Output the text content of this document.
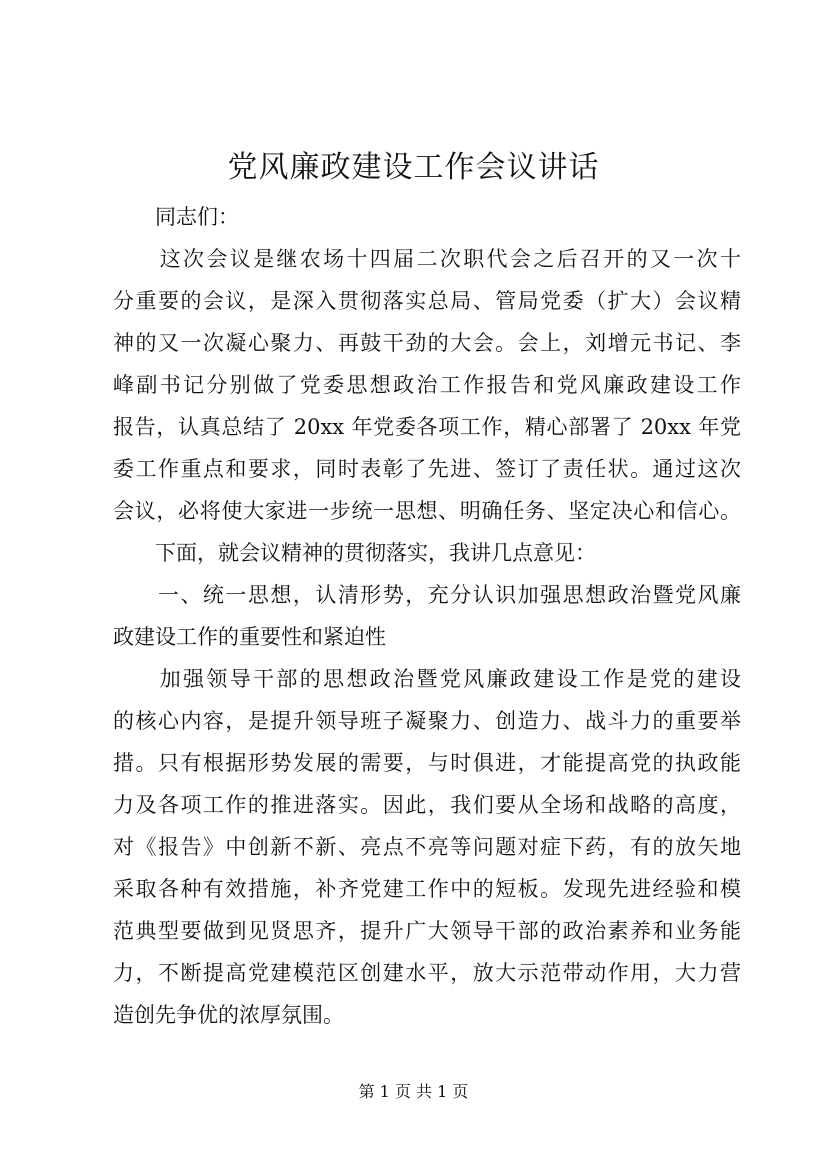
党风廉政建设工作会议讲话
　　同志们：
　　这次会议是继农场十四届二次职代会之后召开的又一次十
分重要的会议，是深入贯彻落实总局、管局党委（扩大）会议精
神的又一次凝心聚力、再鼓干劲的大会。会上，刘增元书记、李
峰副书记分别做了党委思想政治工作报告和党风廉政建设工作
报告，认真总结了 20xx 年党委各项工作，精心部署了 20xx 年党
委工作重点和要求，同时表彰了先进、签订了责任状。通过这次
会议，必将使大家进一步统一思想、明确任务、坚定决心和信心。
　　下面，就会议精神的贯彻落实，我讲几点意见：
　　一、统一思想，认清形势，充分认识加强思想政治暨党风廉
政建设工作的重要性和紧迫性
　　加强领导干部的思想政治暨党风廉政建设工作是党的建设
的核心内容，是提升领导班子凝聚力、创造力、战斗力的重要举
措。只有根据形势发展的需要，与时俱进，才能提高党的执政能
力及各项工作的推进落实。因此，我们要从全场和战略的高度，
对《报告》中创新不新、亮点不亮等问题对症下药，有的放矢地
采取各种有效措施，补齐党建工作中的短板。发现先进经验和模
范典型要做到见贤思齐，提升广大领导干部的政治素养和业务能
力，不断提高党建模范区创建水平，放大示范带动作用，大力营
造创先争优的浓厚氛围。
第 1 页 共 1 页
